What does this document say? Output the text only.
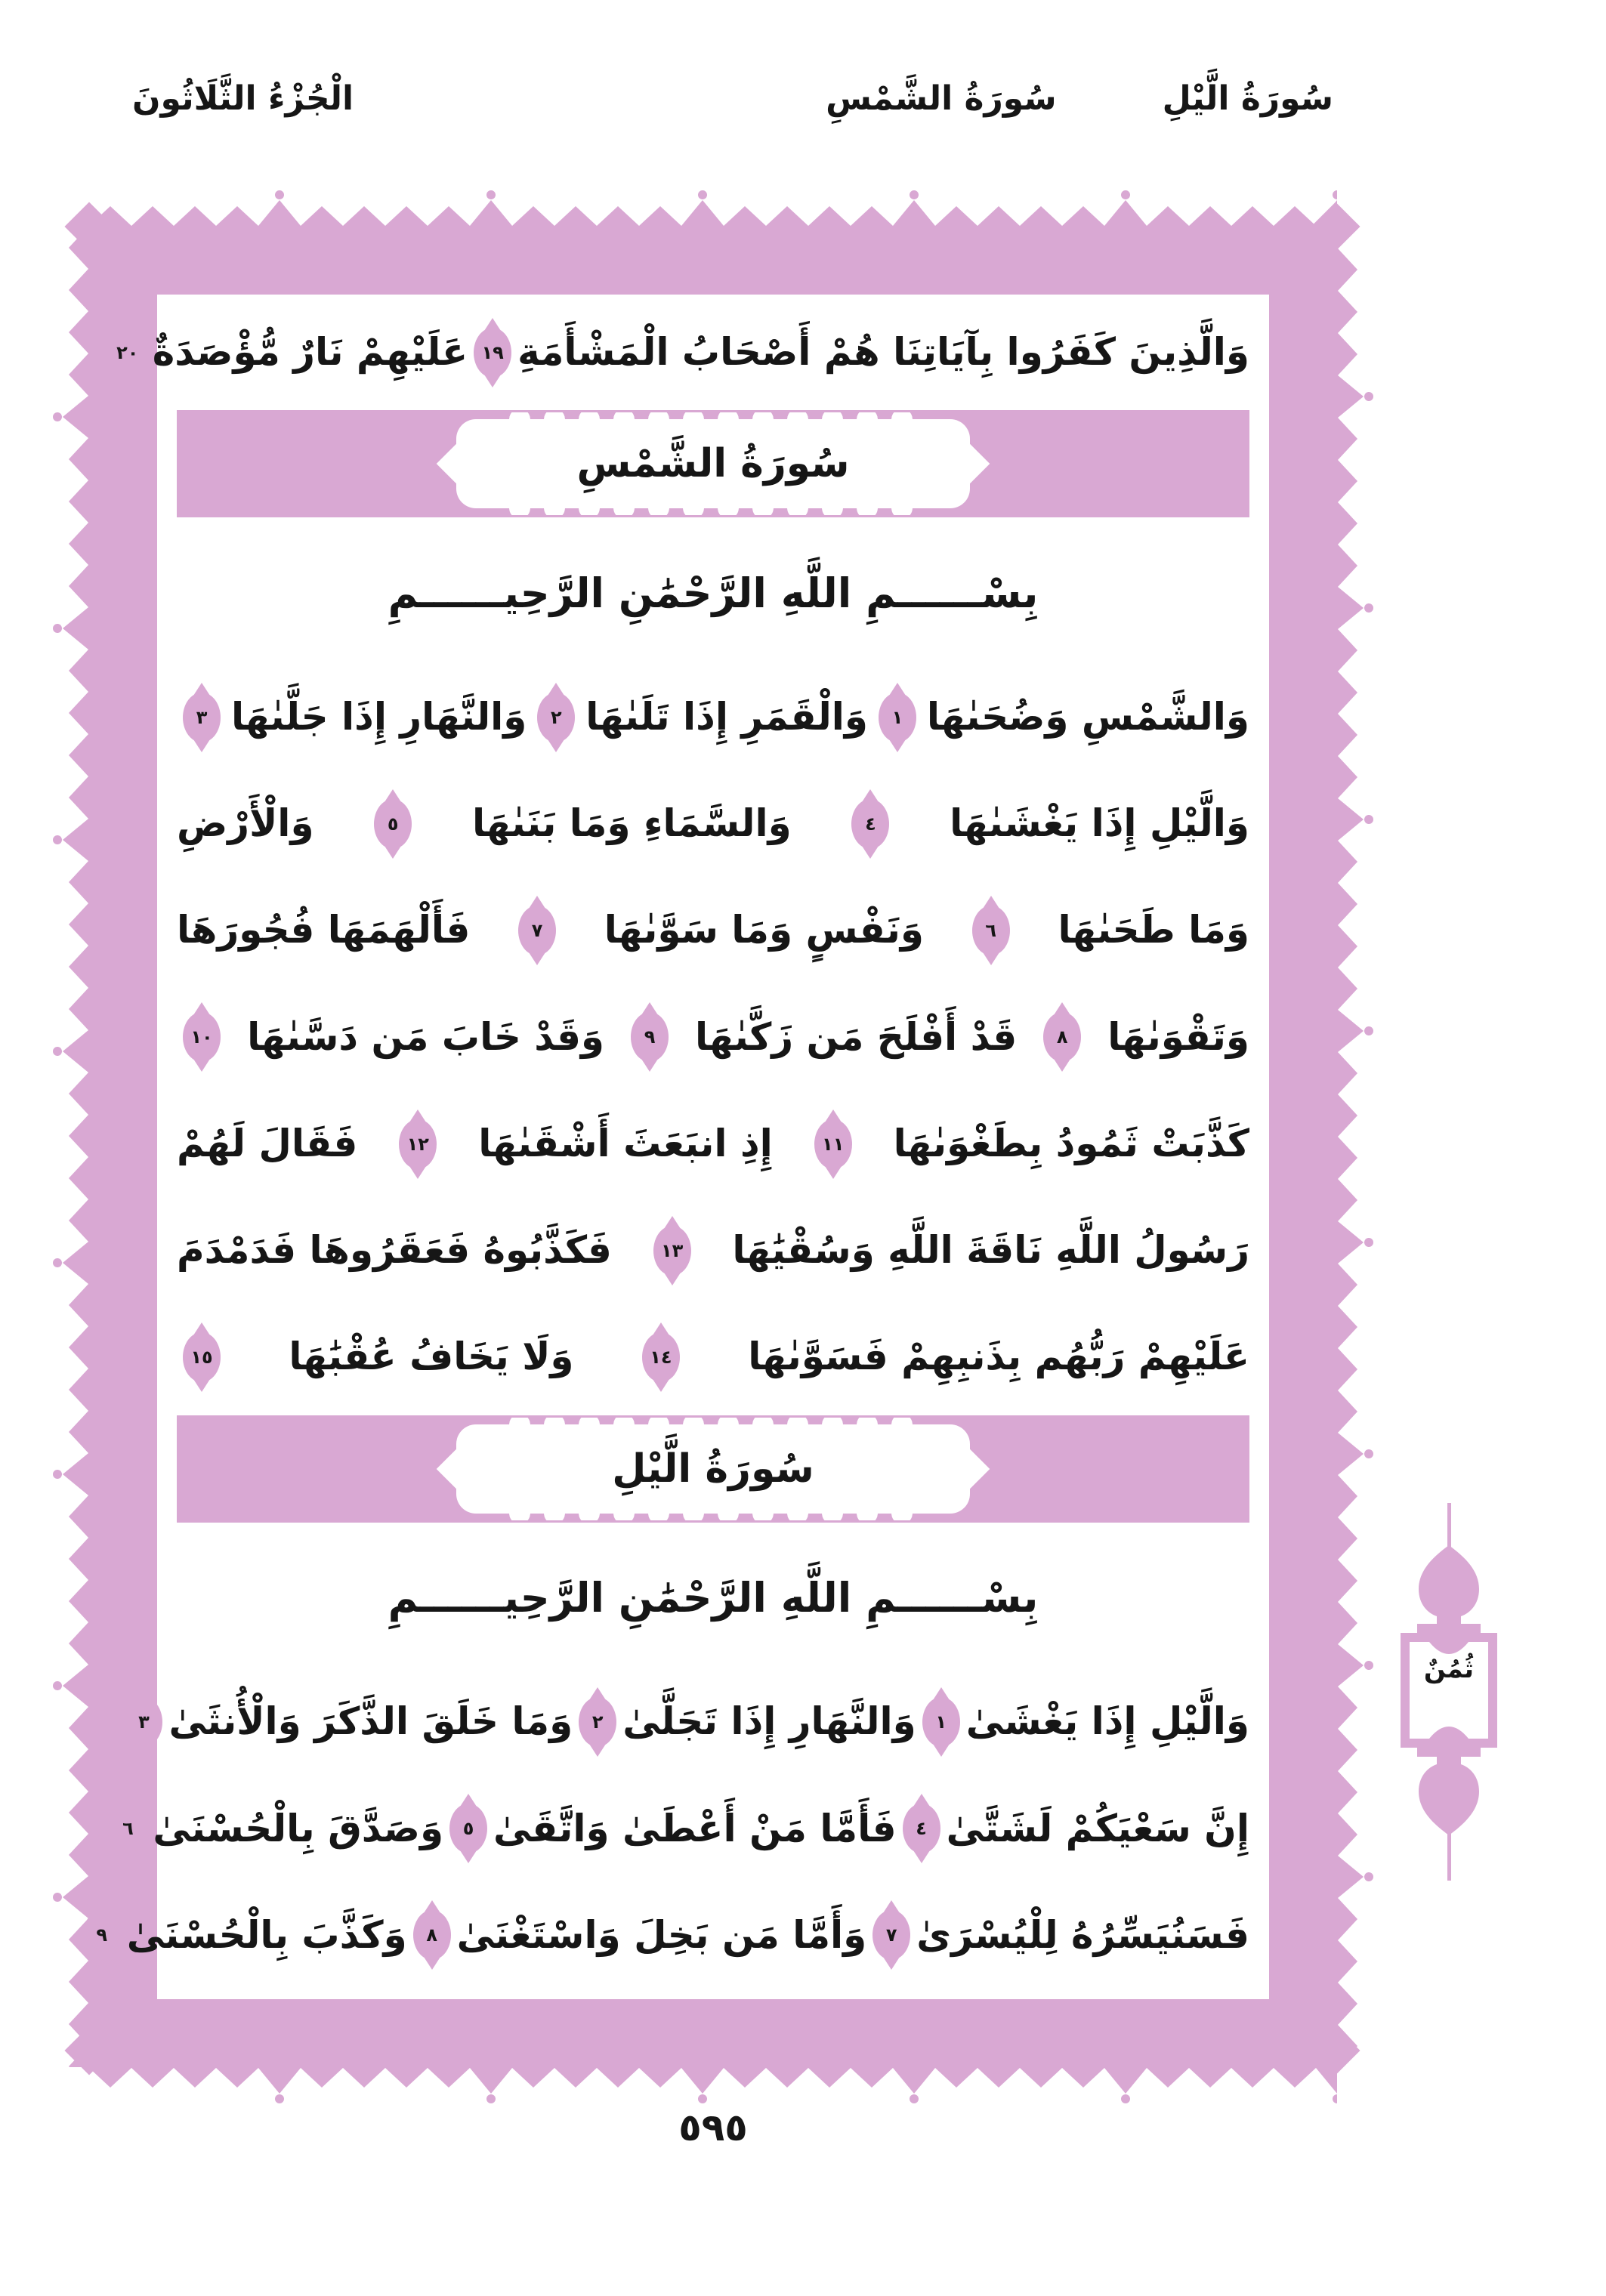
سُورَةُ الشَّمْسِ	سُورَةُ الَّيْلِ
الْجُزْءُ الثَّلَاثُونَ
وَالَّذِينَ كَفَرُوا بِآيَاتِنَا هُمْ أَصْحَابُ الْمَشْأَمَةِ
١٩
عَلَيْهِمْ نَارٌ مُّؤْصَدَةٌ
٢٠
سُورَةُ الشَّمْسِ
بِسْــــــمِ اللَّهِ الرَّحْمَٰنِ الرَّحِيــــــمِ
وَالشَّمْسِ وَضُحَىٰهَا
١
وَالْقَمَرِ إِذَا تَلَىٰهَا
٢
وَالنَّهَارِ إِذَا جَلَّىٰهَا
٣
وَالَّيْلِ إِذَا يَغْشَىٰهَا
٤
وَالسَّمَاءِ وَمَا بَنَىٰهَا
٥
وَالْأَرْضِ
وَمَا طَحَىٰهَا
٦
وَنَفْسٍ وَمَا سَوَّىٰهَا
٧
فَأَلْهَمَهَا فُجُورَهَا
وَتَقْوَىٰهَا
٨
قَدْ أَفْلَحَ مَن زَكَّىٰهَا
٩
وَقَدْ خَابَ مَن دَسَّىٰهَا
١٠
كَذَّبَتْ ثَمُودُ بِطَغْوَىٰهَا
١١
إِذِ انبَعَثَ أَشْقَىٰهَا
١٢
فَقَالَ لَهُمْ
رَسُولُ اللَّهِ نَاقَةَ اللَّهِ وَسُقْيَٰهَا
١٣
فَكَذَّبُوهُ فَعَقَرُوهَا فَدَمْدَمَ
عَلَيْهِمْ رَبُّهُم بِذَنبِهِمْ فَسَوَّىٰهَا
١٤
وَلَا يَخَافُ عُقْبَٰهَا
١٥
سُورَةُ الَّيْلِ
بِسْــــــمِ اللَّهِ الرَّحْمَٰنِ الرَّحِيــــــمِ
وَالَّيْلِ إِذَا يَغْشَىٰ
١
وَالنَّهَارِ إِذَا تَجَلَّىٰ
٢
وَمَا خَلَقَ الذَّكَرَ وَالْأُنثَىٰ
٣
إِنَّ سَعْيَكُمْ لَشَتَّىٰ
٤
فَأَمَّا مَنْ أَعْطَىٰ وَاتَّقَىٰ
٥
وَصَدَّقَ بِالْحُسْنَىٰ
٦
فَسَنُيَسِّرُهُ لِلْيُسْرَىٰ
٧
وَأَمَّا مَن بَخِلَ وَاسْتَغْنَىٰ
٨
وَكَذَّبَ بِالْحُسْنَىٰ
٩
ثُمُنٌ
٥٩٥
